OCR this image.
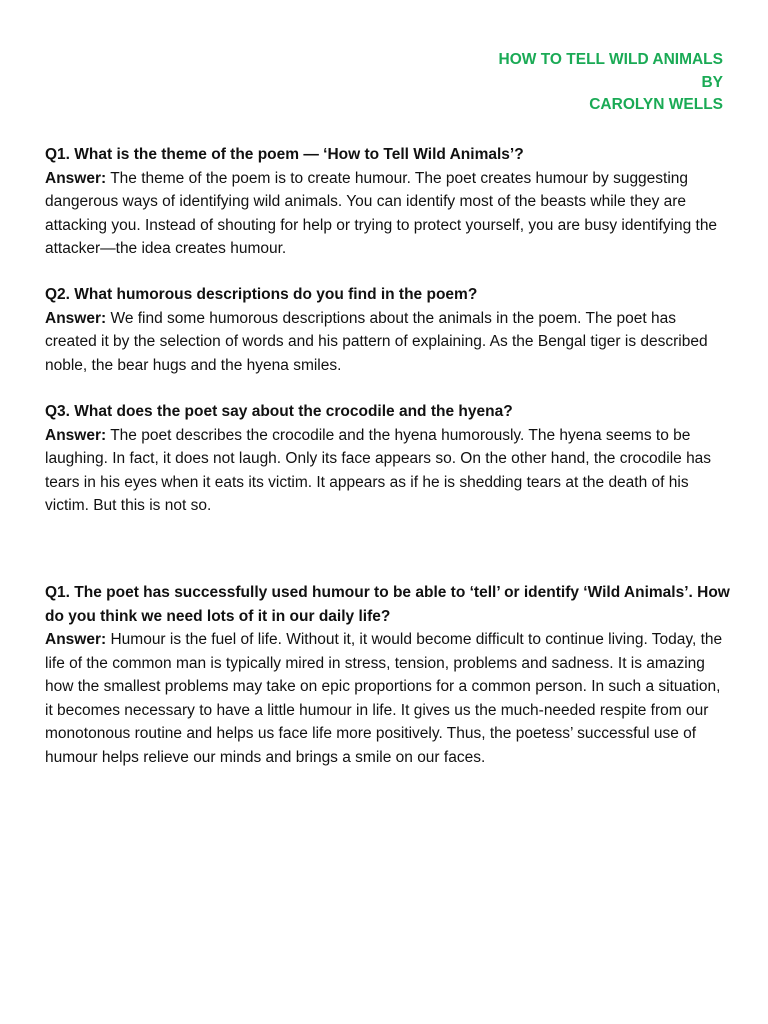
HOW TO TELL WILD ANIMALS
BY
CAROLYN WELLS

Q1. What is the theme of the poem — ‘How to Tell Wild Animals’?

Answer: The theme of the poem is to create humour. The poet creates humour by suggesting dangerous ways of identifying wild animals. You can identify most of the beasts while they are attacking you. Instead of shouting for help or trying to protect yourself, you are busy identifying the attacker—the idea creates humour.

Q2. What humorous descriptions do you find in the poem?

Answer: We find some humorous descriptions about the animals in the poem. The poet has created it by the selection of words and his pattern of explaining. As the Bengal tiger is described noble, the bear hugs and the hyena smiles.

Q3. What does the poet say about the crocodile and the hyena?

Answer: The poet describes the crocodile and the hyena humorously. The hyena seems to be laughing. In fact, it does not laugh. Only its face appears so. On the other hand, the crocodile has tears in his eyes when it eats its victim. It appears as if he is shedding tears at the death of his victim. But this is not so.

Q1. The poet has successfully used humour to be able to ‘tell’ or identify ‘Wild Animals’. How do you think we need lots of it in our daily life?

Answer: Humour is the fuel of life. Without it, it would become difficult to continue living. Today, the life of the common man is typically mired in stress, tension, problems and sadness. It is amazing how the smallest problems may take on epic proportions for a common person. In such a situation, it becomes necessary to have a little humour in life. It gives us the much-needed respite from our monotonous routine and helps us face life more positively. Thus, the poetess’ successful use of humour helps relieve our minds and brings a smile on our faces.
